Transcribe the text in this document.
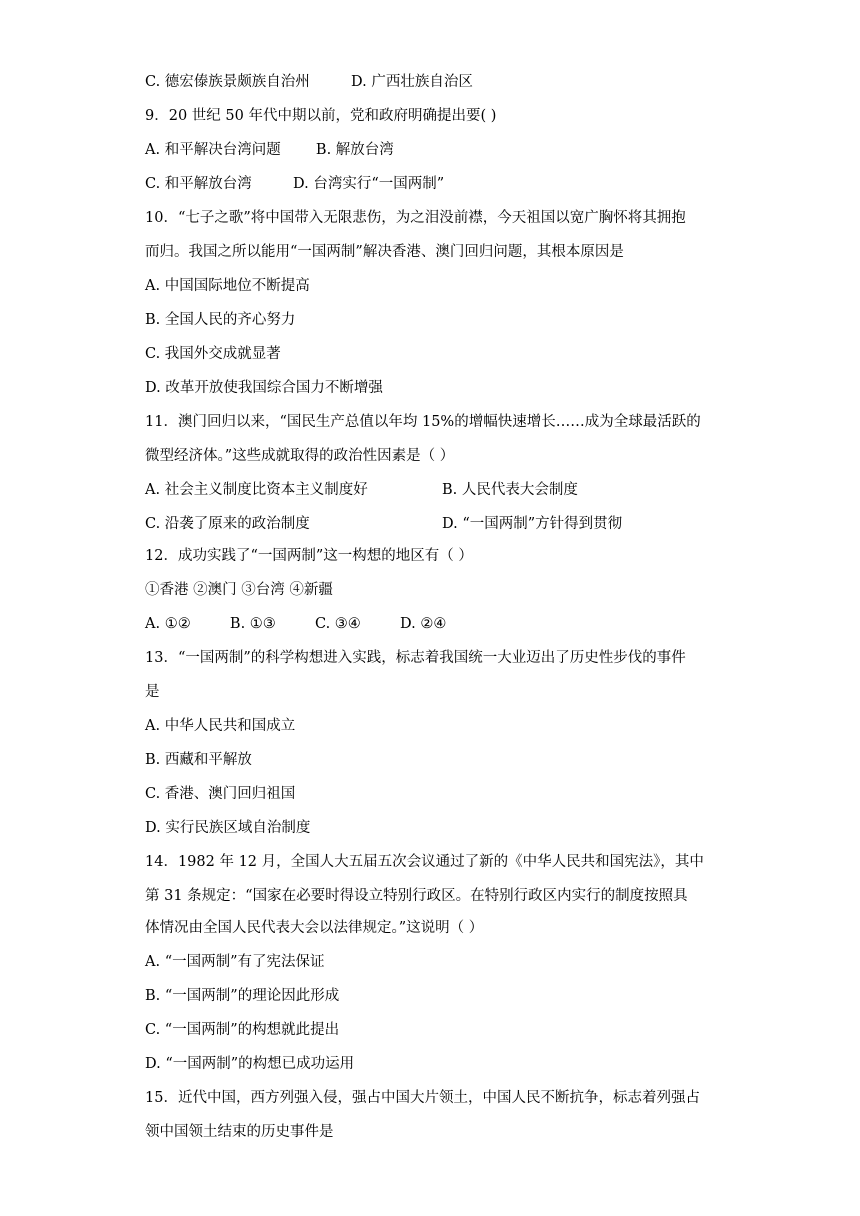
C. 德宏傣族景颇族自治州	D. 广西壮族自治区
9．20 世纪 50 年代中期以前，党和政府明确提出要( )
A. 和平解决台湾问题 B. 解放台湾
C. 和平解放台湾	D. 台湾实行“一国两制”
10．“七子之歌”将中国带入无限悲伤，为之泪没前襟，今天祖国以宽广胸怀将其拥抱
而归。我国之所以能用“一国两制”解决香港、澳门回归问题，其根本原因是
A. 中国国际地位不断提高
B. 全国人民的齐心努力
C. 我国外交成就显著
D. 改革开放使我国综合国力不断增强
11．澳门回归以来，“国民生产总值以年均 15%的增幅快速增长……成为全球最活跃的
微型经济体。”这些成就取得的政治性因素是（ ）
A. 社会主义制度比资本主义制度好	B. 人民代表大会制度
C. 沿袭了原来的政治制度	D. “一国两制”方针得到贯彻
12．成功实践了“一国两制”这一构想的地区有（ ）
①香港 ②澳门 ③台湾 ④新疆
A. ①②	B. ①③	C. ③④	D. ②④
13．“一国两制”的科学构想进入实践，标志着我国统一大业迈出了历史性步伐的事件
是
A. 中华人民共和国成立
B. 西藏和平解放
C. 香港、澳门回归祖国
D. 实行民族区域自治制度
14．1982 年 12 月，全国人大五届五次会议通过了新的《中华人民共和国宪法》，其中
第 31 条规定：“国家在必要时得设立特别行政区。在特别行政区内实行的制度按照具
体情况由全国人民代表大会以法律规定。”这说明（ ）
A. “一国两制”有了宪法保证
B. “一国两制”的理论因此形成
C. “一国两制”的构想就此提出
D. “一国两制”的构想已成功运用
15．近代中国，西方列强入侵，强占中国大片领土，中国人民不断抗争，标志着列强占
领中国领土结束的历史事件是
